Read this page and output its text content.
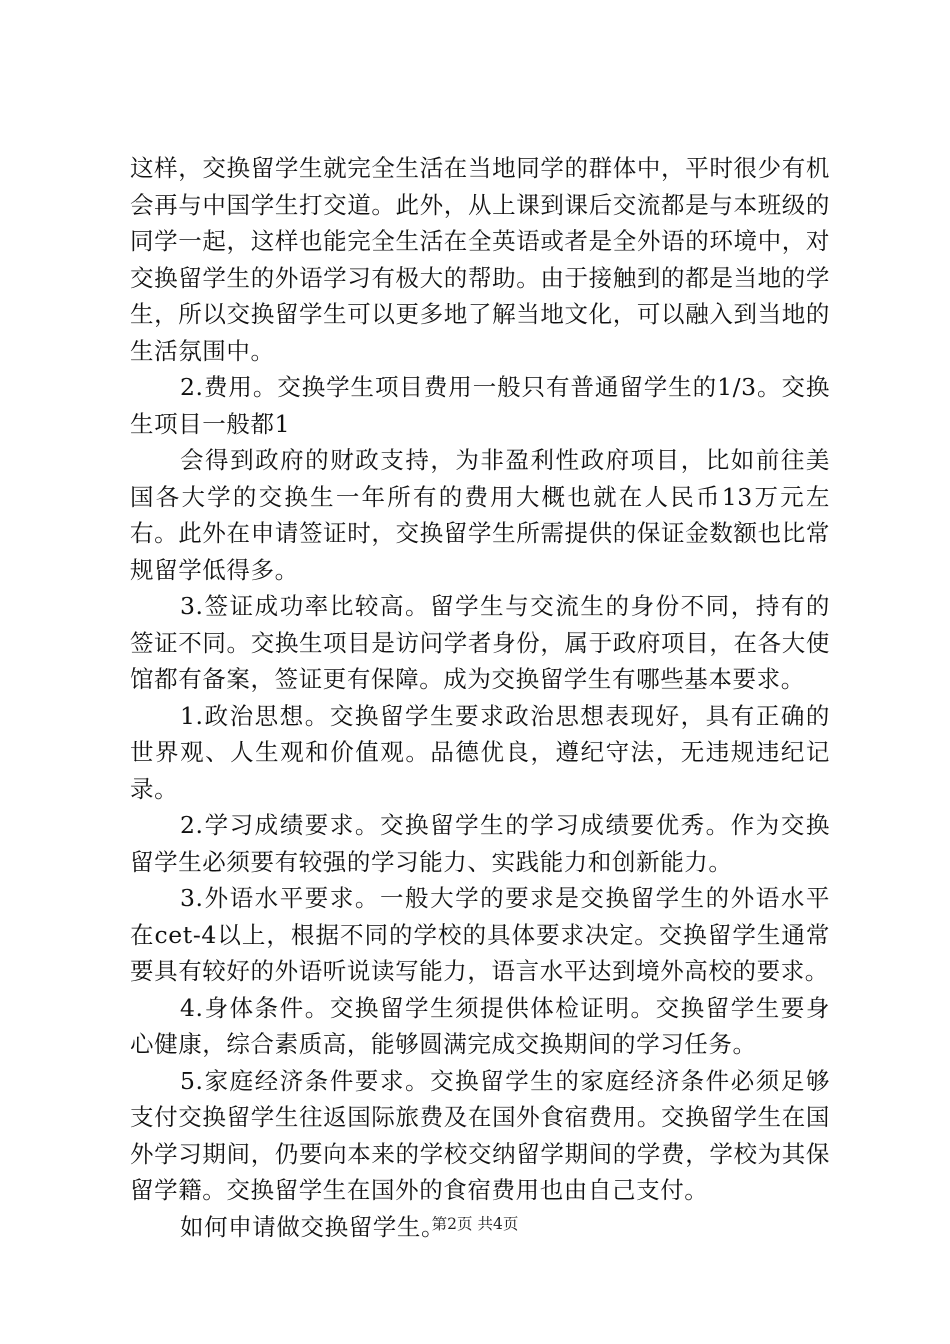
这样，交换留学生就完全生活在当地同学的群体中，平时很少有机会再与中国学生打交道。此外，从上课到课后交流都是与本班级的同学一起，这样也能完全生活在全英语或者是全外语的环境中，对交换留学生的外语学习有极大的帮助。由于接触到的都是当地的学生，所以交换留学生可以更多地了解当地文化，可以融入到当地的生活氛围中。

2.费用。交换学生项目费用一般只有普通留学生的1/3。交换生项目一般都1

会得到政府的财政支持，为非盈利性政府项目，比如前往美国各大学的交换生一年所有的费用大概也就在人民币13万元左右。此外在申请签证时，交换留学生所需提供的保证金数额也比常规留学低得多。

3.签证成功率比较高。留学生与交流生的身份不同，持有的签证不同。交换生项目是访问学者身份，属于政府项目，在各大使馆都有备案，签证更有保障。成为交换留学生有哪些基本要求。

1.政治思想。交换留学生要求政治思想表现好，具有正确的世界观、人生观和价值观。品德优良，遵纪守法，无违规违纪记录。

2.学习成绩要求。交换留学生的学习成绩要优秀。作为交换留学生必须要有较强的学习能力、实践能力和创新能力。

3.外语水平要求。一般大学的要求是交换留学生的外语水平在cet-4以上，根据不同的学校的具体要求决定。交换留学生通常要具有较好的外语听说读写能力，语言水平达到境外高校的要求。

4.身体条件。交换留学生须提供体检证明。交换留学生要身心健康，综合素质高，能够圆满完成交换期间的学习任务。

5.家庭经济条件要求。交换留学生的家庭经济条件必须足够支付交换留学生往返国际旅费及在国外食宿费用。交换留学生在国外学习期间，仍要向本来的学校交纳留学期间的学费，学校为其保留学籍。交换留学生在国外的食宿费用也由自己支付。

如何申请做交换留学生。

第2页 共4页
